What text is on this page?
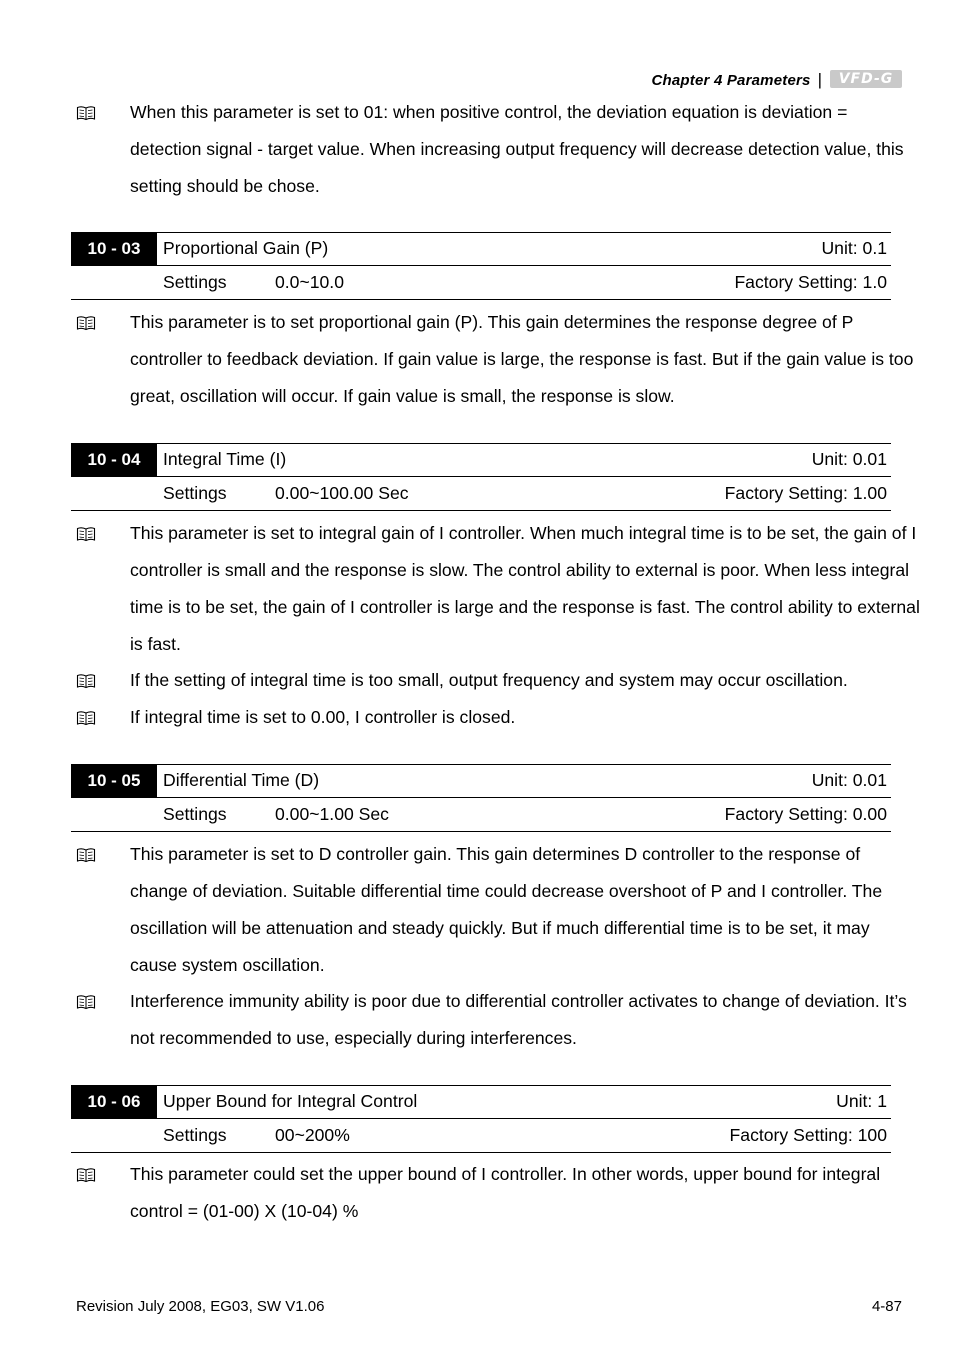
Chapter 4 Parameters |	VFD-G
When this parameter is set to 01: when positive control, the deviation equation is deviation = detection signal - target value. When increasing output frequency will decrease detection value, this setting should be chose.
10 - 03	Proportional Gain (P)	Unit: 0.1
Settings	0.0~10.0	Factory Setting: 1.0
This parameter is to set proportional gain (P). This gain determines the response degree of P controller to feedback deviation. If gain value is large, the response is fast. But if the gain value is too great, oscillation will occur. If gain value is small, the response is slow.
10 - 04	Integral Time (I)	Unit: 0.01
Settings	0.00~100.00 Sec	Factory Setting: 1.00
This parameter is set to integral gain of I controller. When much integral time is to be set, the gain of I controller is small and the response is slow. The control ability to external is poor. When less integral time is to be set, the gain of I controller is large and the response is fast. The control ability to external is fast.
If the setting of integral time is too small, output frequency and system may occur oscillation.
If integral time is set to 0.00, I controller is closed.
10 - 05	Differential Time (D)	Unit: 0.01
Settings	0.00~1.00 Sec	Factory Setting: 0.00
This parameter is set to D controller gain. This gain determines D controller to the response of change of deviation. Suitable differential time could decrease overshoot of P and I controller. The oscillation will be attenuation and steady quickly. But if much differential time is to be set, it may cause system oscillation.
Interference immunity ability is poor due to differential controller activates to change of deviation. It’s not recommended to use, especially during interferences.
10 - 06	Upper Bound for Integral Control	Unit: 1
Settings	00~200%	Factory Setting: 100
This parameter could set the upper bound of I controller. In other words, upper bound for integral control = (01-00) X (10-04) %
Revision July 2008, EG03, SW V1.06	4-87
